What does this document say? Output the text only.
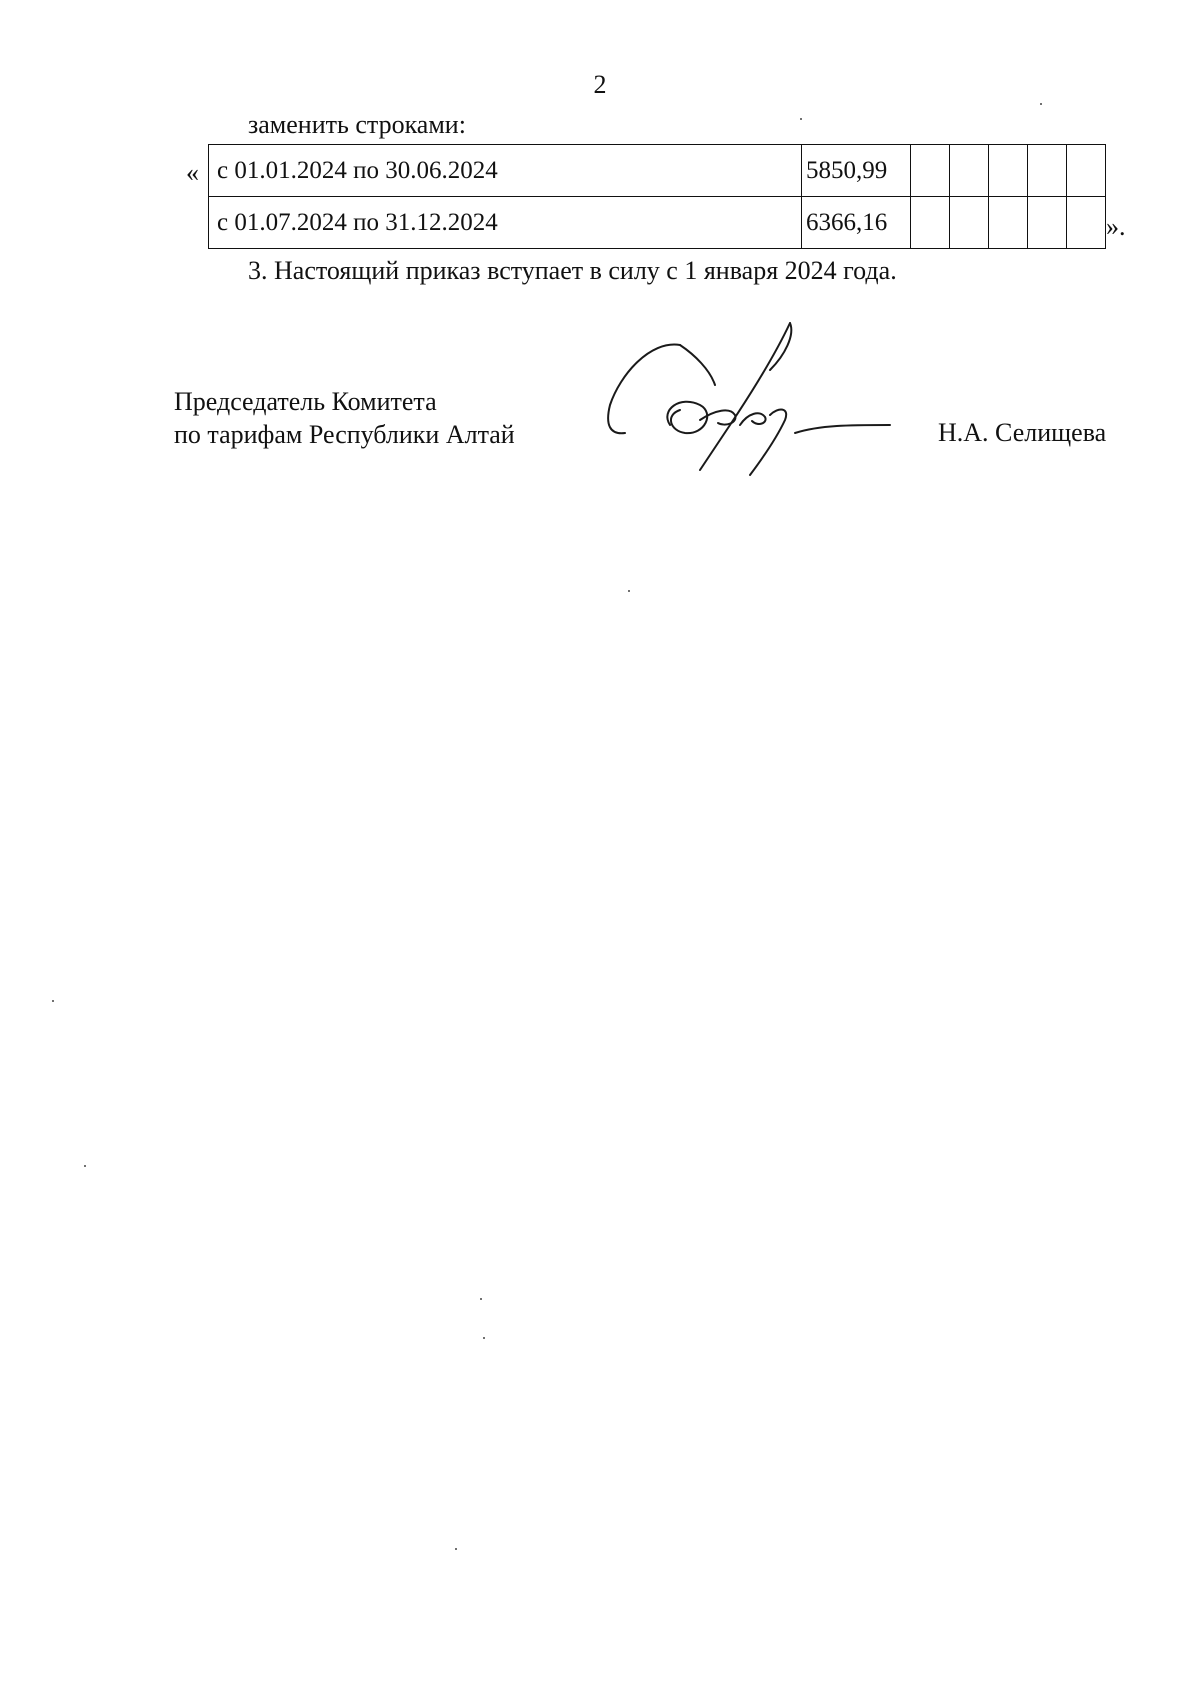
2
заменить строками:
« с 01.01.2024 по 30.06.2024	5850,99					
с 01.07.2024 по 31.12.2024	6366,16						».
3. Настоящий приказ вступает в силу с 1 января 2024 года.
Председатель Комитета
по тарифам Республики Алтай	Н.А. Селищева
